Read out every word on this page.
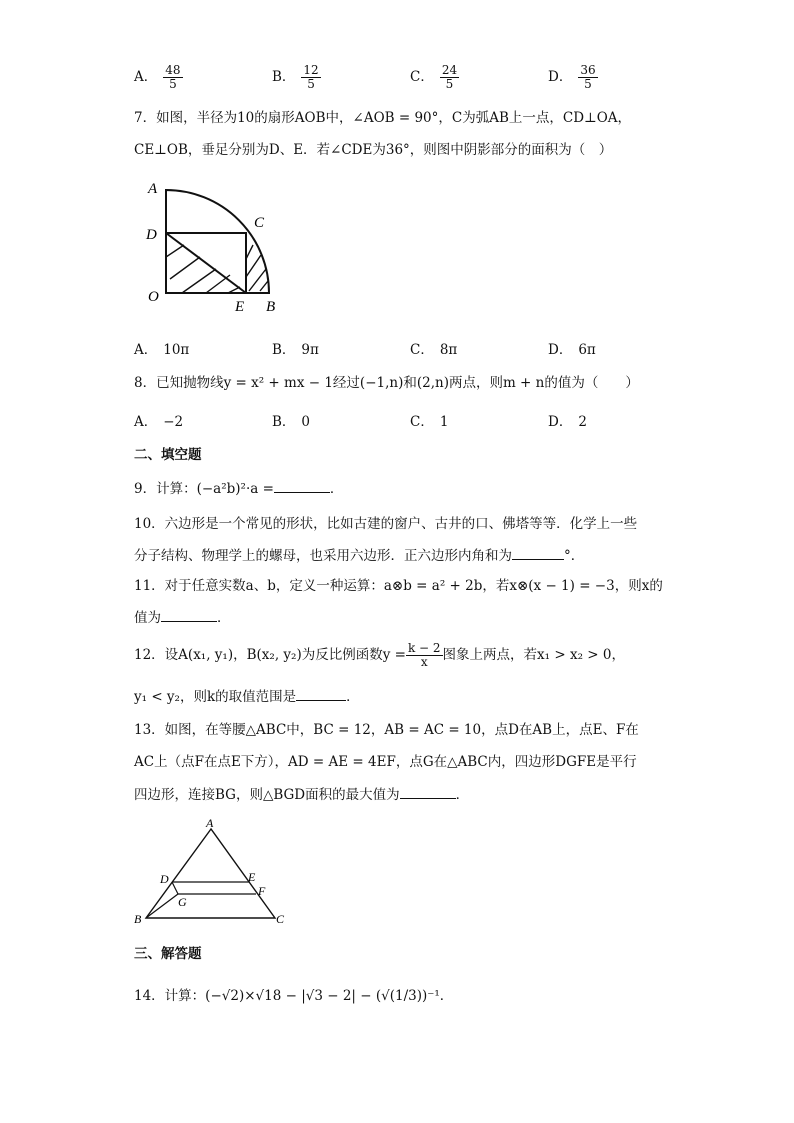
A． $\frac{48}{5}$	B． $\frac{12}{5}$	C． $\frac{24}{5}$	D． $\frac{36}{5}$
7．如图，半径为10的扇形AOB中，∠AOB = 90°，C为弧AB上一点，CD⊥OA，
CE⊥OB，垂足分别为D、E．若∠CDE为36°，则图中阴影部分的面积为（　）
A
D
C
O
E B
A． 10π	B． 9π	C． 8π	D． 6π
8．已知抛物线y = x² + mx − 1经过(−1,n)和(2,n)两点，则m + n的值为（　　）
A． −2	B． 0	C． 1	D． 2
二、填空题
9．计算：(−a²b)²·a =	．
10．六边形是一个常见的形状，比如古建的窗户、古井的口、佛塔等等．化学上一些
分子结构、物理学上的螺母，也采用六边形．正六边形内角和为	°．
11．对于任意实数a、b，定义一种运算：a⊗b = a² + 2b，若x⊗(x − 1) = −3，则x的
值为	．
12．设A(x₁, y₁)，B(x₂, y₂)为反比例函数$y = \frac{k - 2}{x}$ 图象上两点，若x₁ > x₂ > 0，
y₁ < y₂，则k的取值范围是	．
13．如图，在等腰△ABC中，BC = 12，AB = AC = 10，点D在AB上，点E、F在
AC上（点F在点E下方），AD = AE = 4EF，点G在△ABC内，四边形DGFE是平行
四边形，连接BG，则△BGD面积的最大值为	．
A
D	E
F
G
B	C
三、解答题
14．计算：(−√2)×√18 − |√3 − 2| − (√(1/3))⁻¹．
